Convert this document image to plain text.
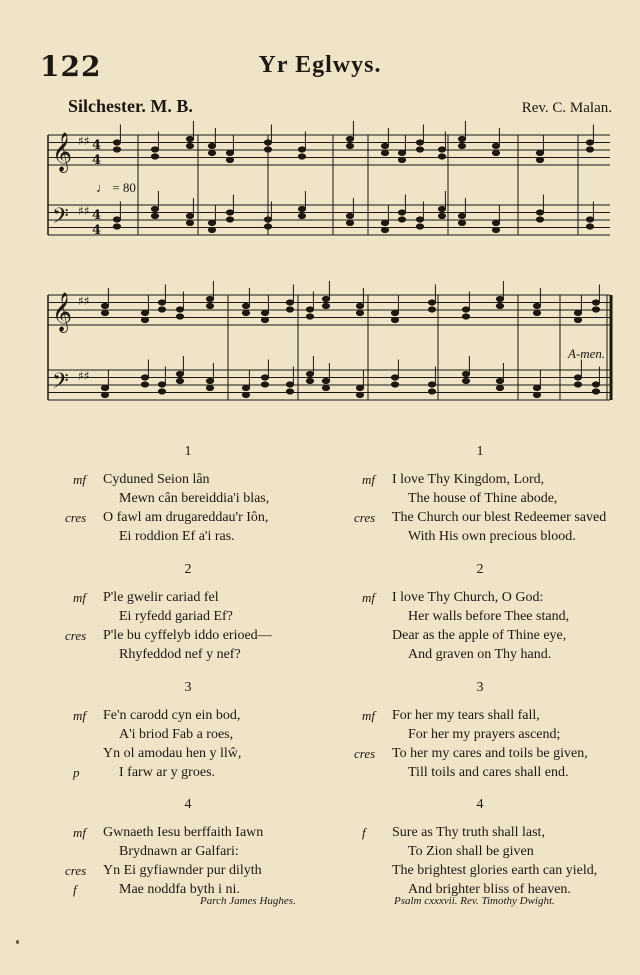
122	Yr Eglwys.
Silchester. M. B.	Rev. C. Malan.
♩ = 80
A-men.
𝄞 ♯♯ 4
4
𝄢 ♯♯ 4
4
𝄞 ♯♯
𝄢 ♯♯
1
mf Cyduned Seion lân
Mewn cân bereiddia'i blas,
cres O fawl am drugareddau'r Iôn,
Ei roddion Ef a'i ras.
2
mf P'le gwelir cariad fel
Ei ryfedd gariad Ef?
cres P'le bu cyffelyb iddo erioed—
Rhyfeddod nef y nef?
3
mf Fe'n carodd cyn ein bod,
A'i briod Fab a roes,
Yn ol amodau hen y llŵ,
p	I farw ar y groes.
4
mf Gwnaeth Iesu berffaith Iawn
Brydnawn ar Galfari:
cres Yn Ei gyfiawnder pur dilyth
f	Mae noddfa byth i ni.
1
mf I love Thy Kingdom, Lord,
The house of Thine abode,
cres The Church our blest Redeemer saved
With His own precious blood.
2
mf I love Thy Church, O God:
Her walls before Thee stand,
Dear as the apple of Thine eye,
And graven on Thy hand.
3
mf For her my tears shall fall,
For her my prayers ascend;
cres To her my cares and toils be given,
Till toils and cares shall end.
4
f Sure as Thy truth shall last,
To Zion shall be given
The brightest glories earth can yield,
And brighter bliss of heaven.
Parch James Hughes.	Psalm cxxxvii. Rev. Timothy Dwight.
